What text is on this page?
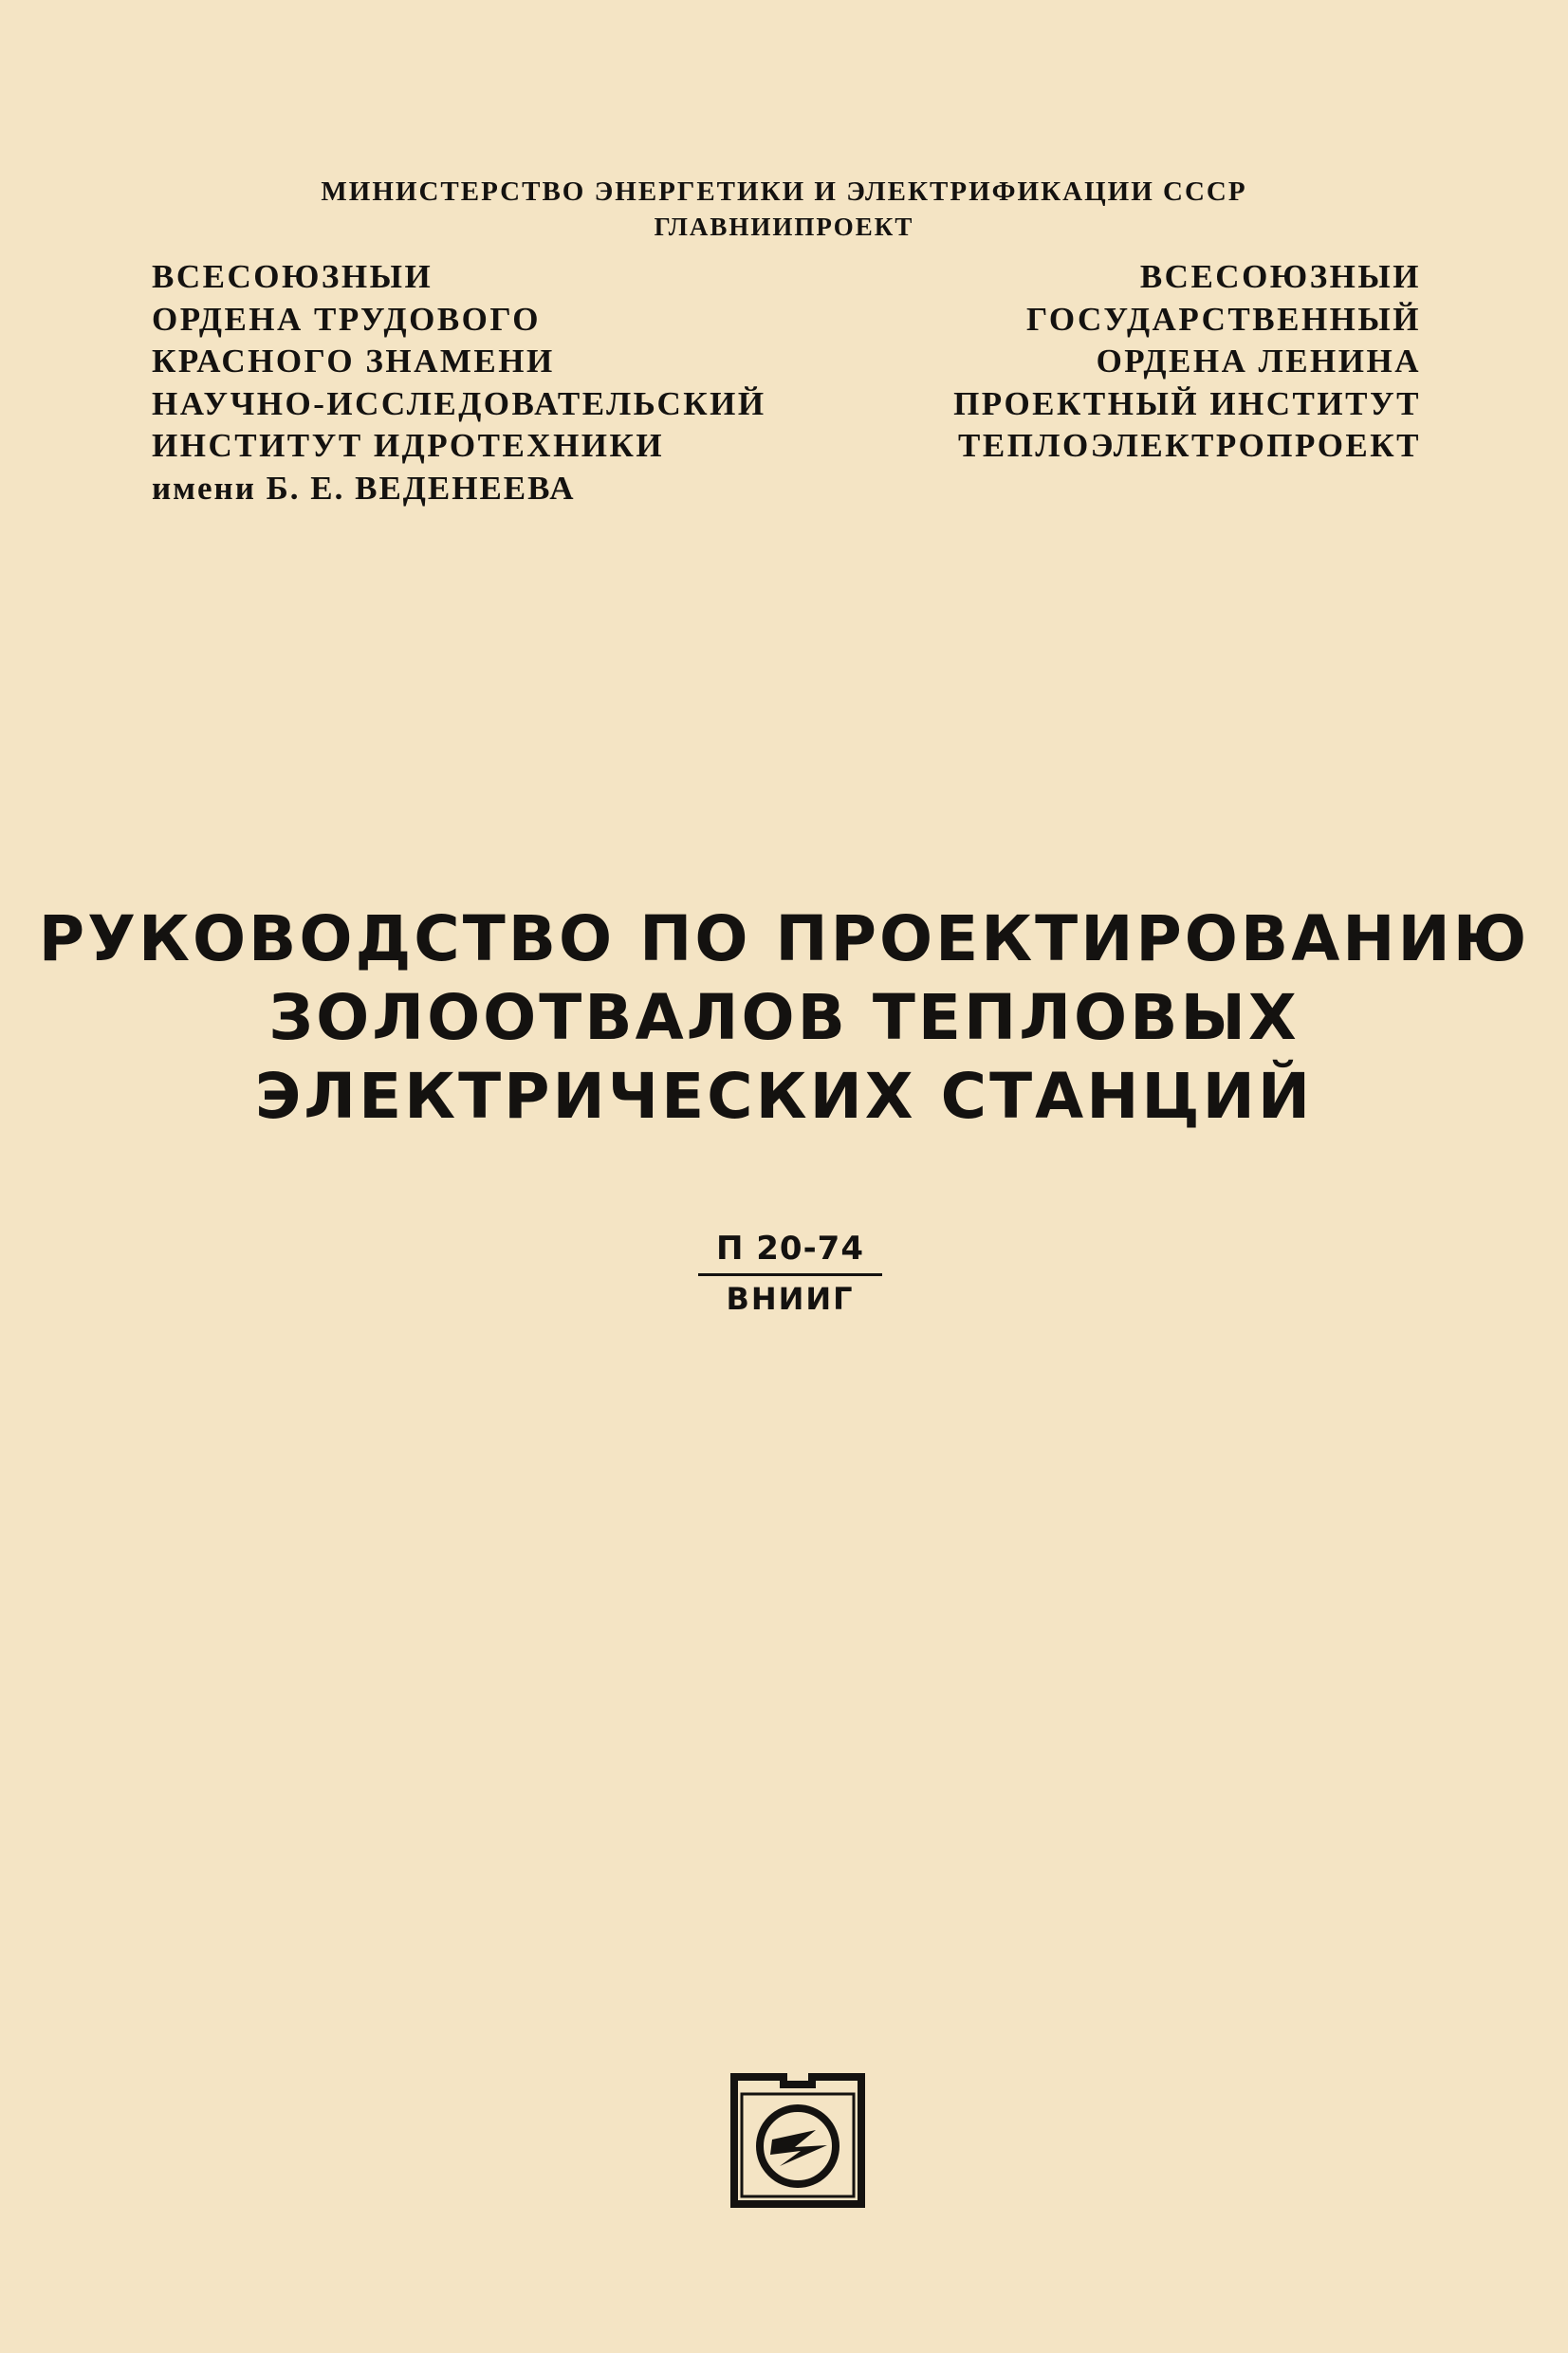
МИНИСТЕРСТВО ЭНЕРГЕТИКИ И ЭЛЕКТРИФИКАЦИИ СССР
ГЛАВНИИПРОЕКТ
ВСЕСОЮЗНЫИ
ОРДЕНА ТРУДОВОГО
КРАСНОГО ЗНАМЕНИ
НАУЧНО-ИССЛЕДОВАТЕЛЬСКИЙ
ИНСТИТУТ ИДРОТЕХНИКИ
имени Б. Е. ВЕДЕНЕЕВА
ВСЕСОЮЗНЫИ
ГОСУДАРСТВЕННЫЙ
ОРДЕНА ЛЕНИНА
ПРОЕКТНЫЙ ИНСТИТУТ
ТЕПЛОЭЛЕКТРОПРОЕКТ
РУКОВОДСТВО ПО ПРОЕКТИРОВАНИЮ
ЗОЛООТВАЛОВ ТЕПЛОВЫХ
ЭЛЕКТРИЧЕСКИХ СТАНЦИЙ
П 20-74
ВНИИГ
